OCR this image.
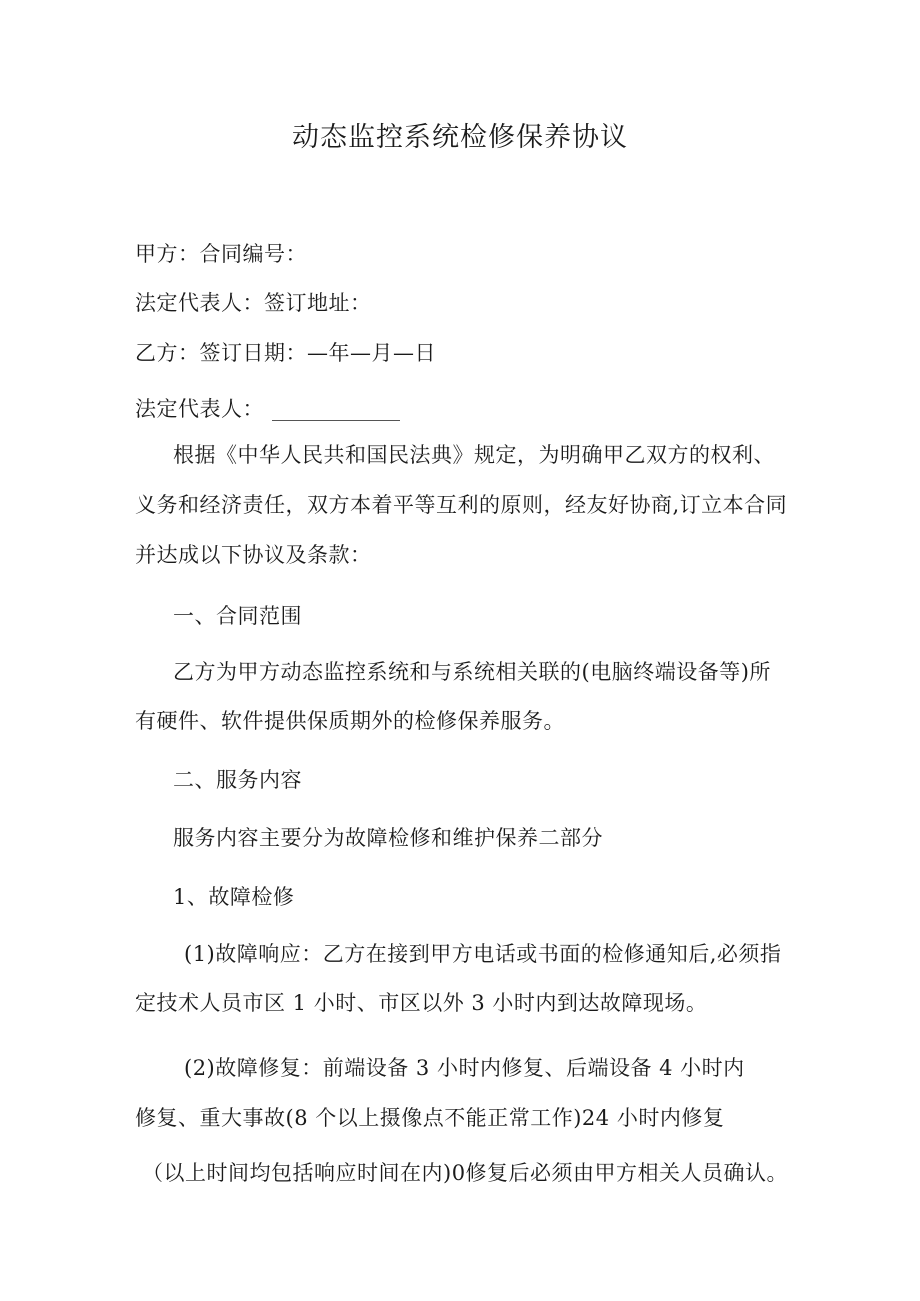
动态监控系统检修保养协议
甲方：合同编号：
法定代表人：签订地址：
乙方：签订日期：—年—月—日
法定代表人：
根据《中华人民共和国民法典》规定，为明确甲乙双方的权利、
义务和经济责任，双方本着平等互利的原则，经友好协商,订立本合同
并达成以下协议及条款：
一、合同范围
乙方为甲方动态监控系统和与系统相关联的(电脑终端设备等)所
有硬件、软件提供保质期外的检修保养服务。
二、服务内容
服务内容主要分为故障检修和维护保养二部分
1、故障检修
(1)故障响应：乙方在接到甲方电话或书面的检修通知后,必须指
定技术人员市区 1 小时、市区以外 3 小时内到达故障现场。
(2)故障修复：前端设备 3 小时内修复、后端设备 4 小时内
修复、重大事故(8 个以上摄像点不能正常工作)24 小时内修复
（以上时间均包括响应时间在内)0修复后必须由甲方相关人员确认。
